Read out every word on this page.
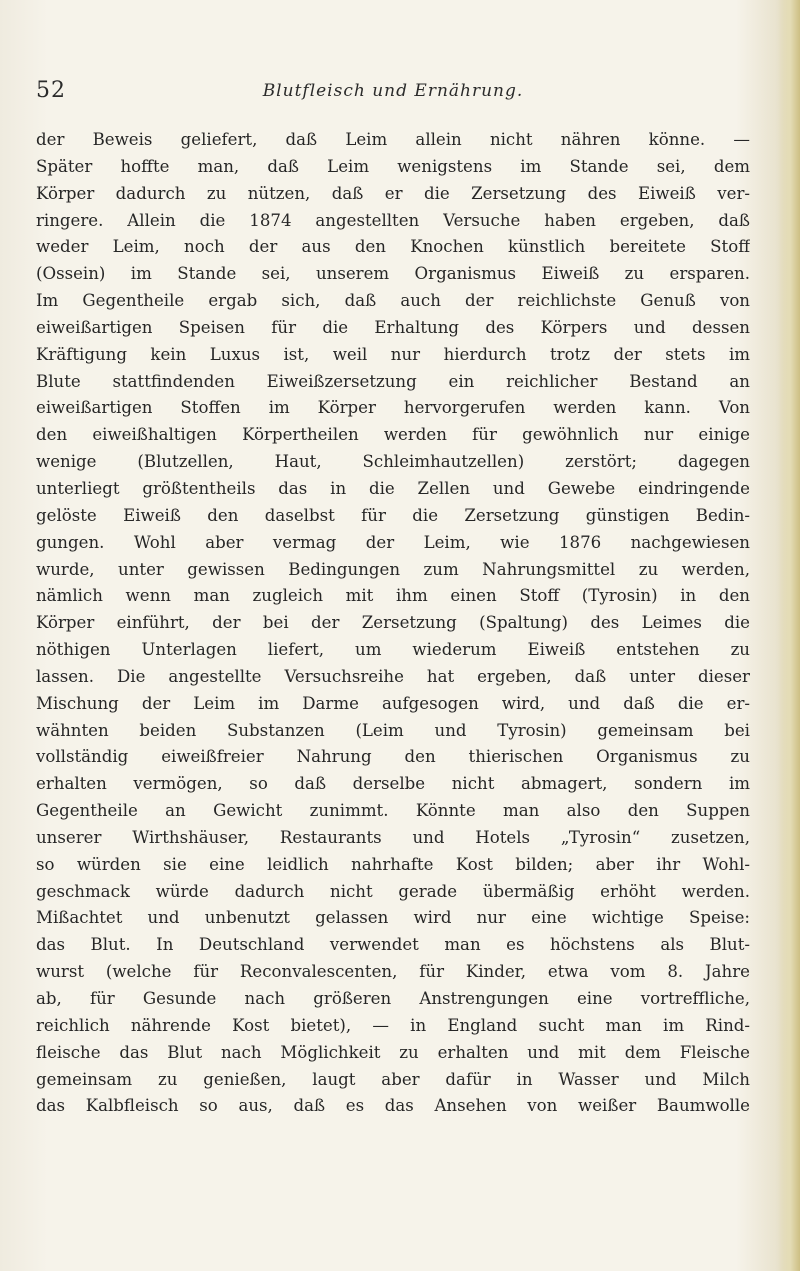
52	Blutfleisch und Ernährung.
der Beweis geliefert, daß Leim allein nicht nähren könne. —
Später hoffte man, daß Leim wenigstens im Stande sei, dem
Körper dadurch zu nützen, daß er die Zersetzung des Eiweiß ver-
ringere. Allein die 1874 angestellten Versuche haben ergeben, daß
weder Leim, noch der aus den Knochen künstlich bereitete Stoff
(Ossein) im Stande sei, unserem Organismus Eiweiß zu ersparen.
Im Gegentheile ergab sich, daß auch der reichlichste Genuß von
eiweißartigen Speisen für die Erhaltung des Körpers und dessen
Kräftigung kein Luxus ist, weil nur hierdurch trotz der stets im
Blute stattfindenden Eiweißzersetzung ein reichlicher Bestand an
eiweißartigen Stoffen im Körper hervorgerufen werden kann. Von
den eiweißhaltigen Körpertheilen werden für gewöhnlich nur einige
wenige (Blutzellen, Haut, Schleimhautzellen) zerstört; dagegen
unterliegt größtentheils das in die Zellen und Gewebe eindringende
gelöste Eiweiß den daselbst für die Zersetzung günstigen Bedin-
gungen. Wohl aber vermag der Leim, wie 1876 nachgewiesen
wurde, unter gewissen Bedingungen zum Nahrungsmittel zu werden,
nämlich wenn man zugleich mit ihm einen Stoff (Tyrosin) in den
Körper einführt, der bei der Zersetzung (Spaltung) des Leimes die
nöthigen Unterlagen liefert, um wiederum Eiweiß entstehen zu
lassen. Die angestellte Versuchsreihe hat ergeben, daß unter dieser
Mischung der Leim im Darme aufgesogen wird, und daß die er-
wähnten beiden Substanzen (Leim und Tyrosin) gemeinsam bei
vollständig eiweißfreier Nahrung den thierischen Organismus zu
erhalten vermögen, so daß derselbe nicht abmagert, sondern im
Gegentheile an Gewicht zunimmt. Könnte man also den Suppen
unserer Wirthshäuser, Restaurants und Hotels „Tyrosin“ zusetzen,
so würden sie eine leidlich nahrhafte Kost bilden; aber ihr Wohl-
geschmack würde dadurch nicht gerade übermäßig erhöht werden.
Mißachtet und unbenutzt gelassen wird nur eine wichtige Speise:
das Blut. In Deutschland verwendet man es höchstens als Blut-
wurst (welche für Reconvalescenten, für Kinder, etwa vom 8. Jahre
ab, für Gesunde nach größeren Anstrengungen eine vortreffliche,
reichlich nährende Kost bietet), — in England sucht man im Rind-
fleische das Blut nach Möglichkeit zu erhalten und mit dem Fleische
gemeinsam zu genießen, laugt aber dafür in Wasser und Milch
das Kalbfleisch so aus, daß es das Ansehen von weißer Baumwolle
